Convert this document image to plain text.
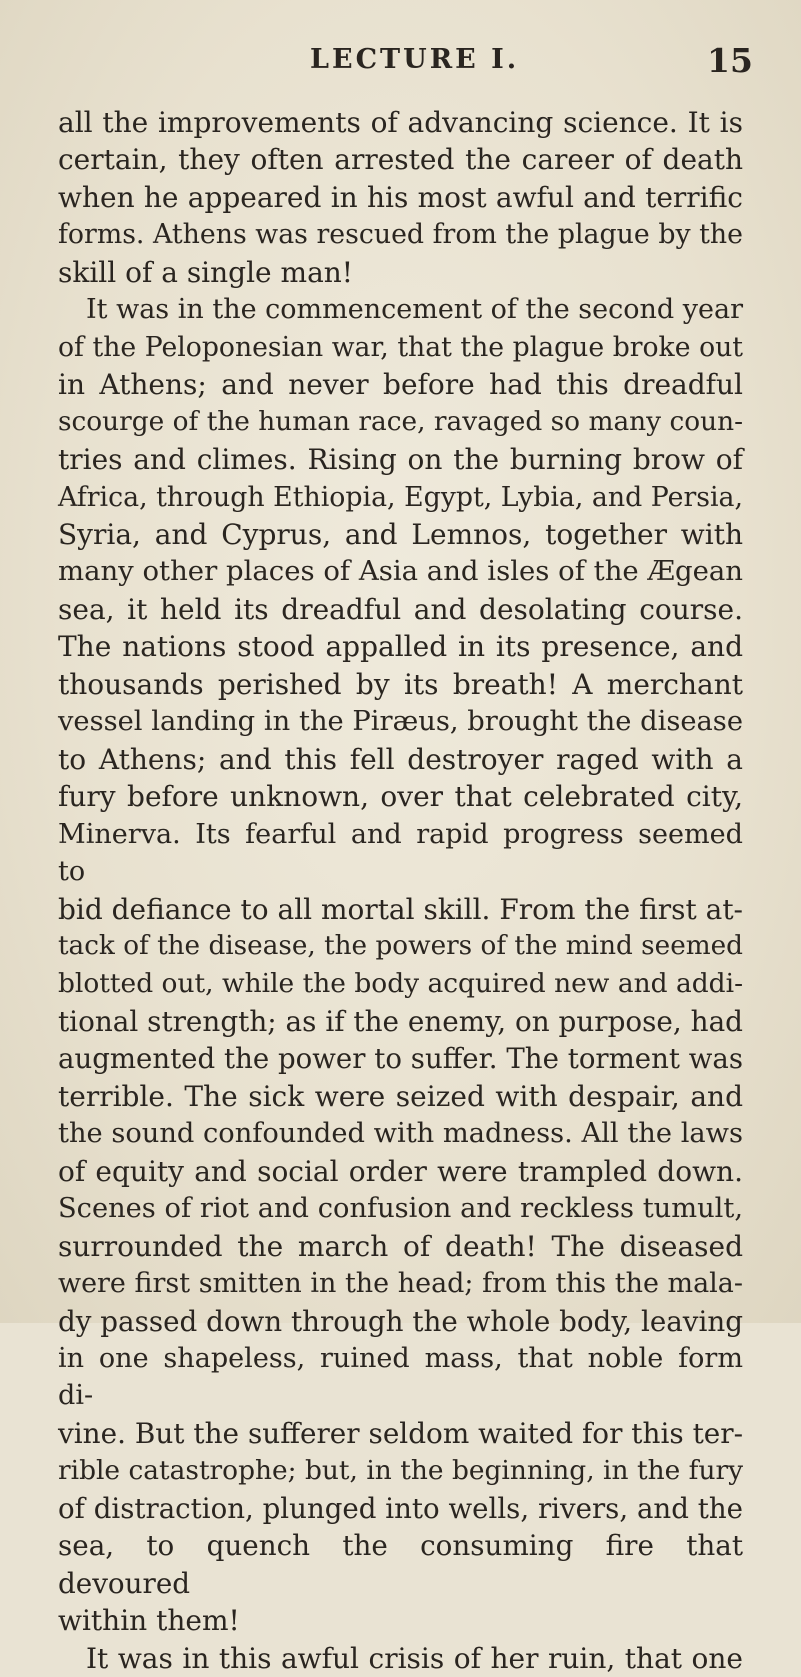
LECTURE I.	15
all the improvements of advancing science. It is
certain, they often arrested the career of death
when he appeared in his most awful and terrific
forms. Athens was rescued from the plague by the
skill of a single man!
It was in the commencement of the second year
of the Peloponesian war, that the plague broke out
in Athens; and never before had this dreadful
scourge of the human race, ravaged so many coun-
tries and climes. Rising on the burning brow of
Africa, through Ethiopia, Egypt, Lybia, and Persia,
Syria, and Cyprus, and Lemnos, together with
many other places of Asia and isles of the Ægean
sea, it held its dreadful and desolating course.
The nations stood appalled in its presence, and
thousands perished by its breath! A merchant
vessel landing in the Piræus, brought the disease
to Athens; and this fell destroyer raged with a
fury before unknown, over that celebrated city,
Minerva. Its fearful and rapid progress seemed to
bid defiance to all mortal skill. From the first at-
tack of the disease, the powers of the mind seemed
blotted out, while the body acquired new and addi-
tional strength; as if the enemy, on purpose, had
augmented the power to suffer. The torment was
terrible. The sick were seized with despair, and
the sound confounded with madness. All the laws
of equity and social order were trampled down.
Scenes of riot and confusion and reckless tumult,
surrounded the march of death! The diseased
were first smitten in the head; from this the mala-
dy passed down through the whole body, leaving
in one shapeless, ruined mass, that noble form di-
vine. But the sufferer seldom waited for this ter-
rible catastrophe; but, in the beginning, in the fury
of distraction, plunged into wells, rivers, and the
sea, to quench the consuming fire that devoured
within them!
It was in this awful crisis of her ruin, that one
